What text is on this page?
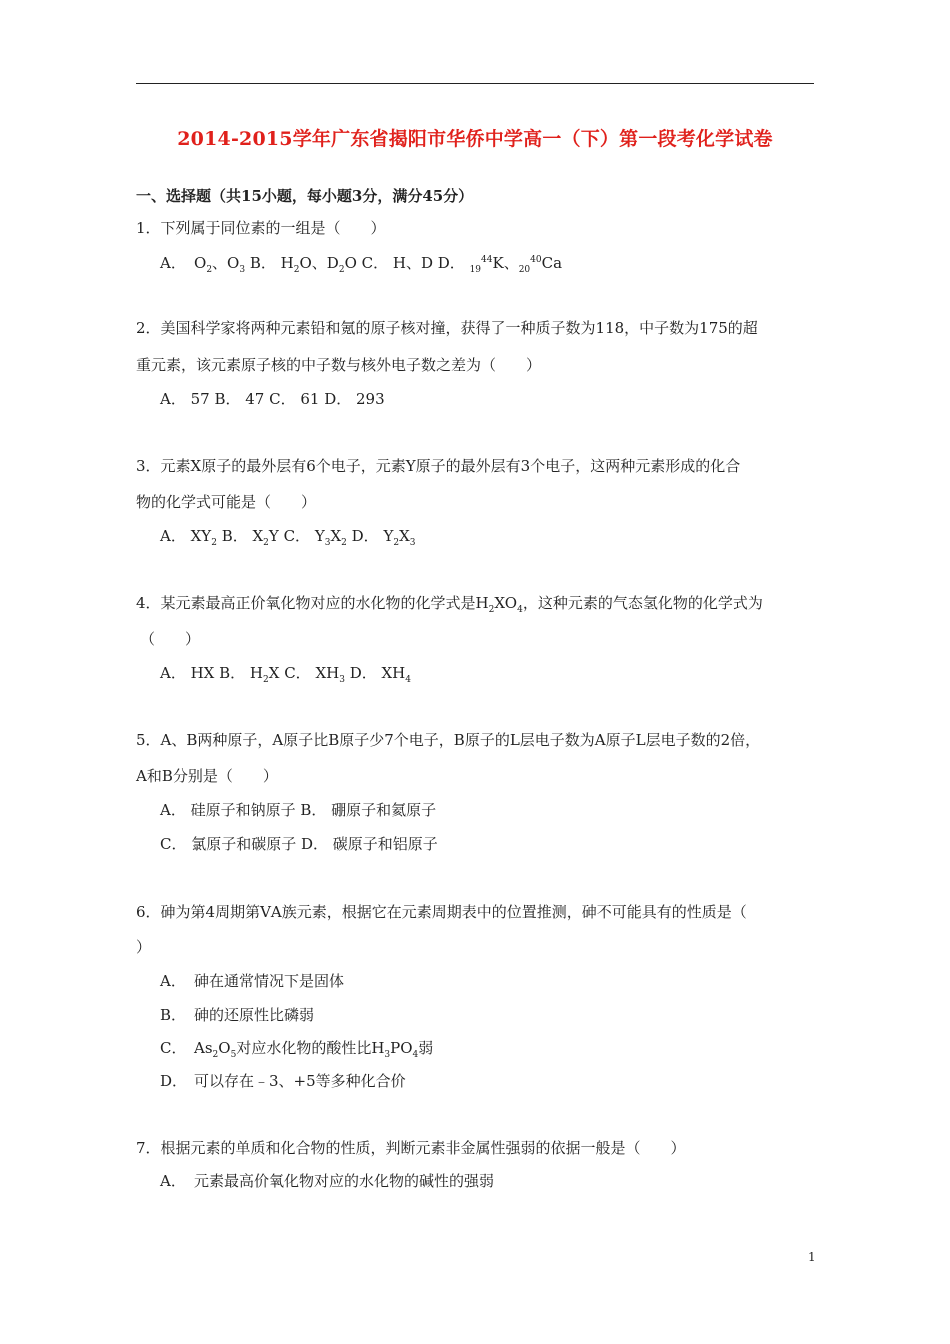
2014-2015学年广东省揭阳市华侨中学高一（下）第一段考化学试卷
一、选择题（共15小题，每小题3分，满分45分）
1．下列属于同位素的一组是（　　）
A． $O_2$、$O_3$ B． $H_2O$、$D_2O$ C． H、D D． $_{19}^{44}$K、$_{20}^{40}$Ca
2．美国科学家将两种元素铅和氪的原子核对撞，获得了一种质子数为118，中子数为175的超
重元素，该元素原子核的中子数与核外电子数之差为（　　）
A． 57 B． 47 C． 61 D． 293
3．元素X原子的最外层有6个电子，元素Y原子的最外层有3个电子，这两种元素形成的化合
物的化学式可能是（　　）
A． $XY_2$ B． $X_2Y$ C． $Y_3X_2$ D． $Y_2X_3$
4．某元素最高正价氧化物对应的水化物的化学式是$H_2XO_4$，这种元素的气态氢化物的化学式为
（　　）
A． HX B． $H_2X$ C． $XH_3$ D． $XH_4$
5．A、B两种原子，A原子比B原子少7个电子，B原子的L层电子数为A原子L层电子数的2倍，
A和B分别是（　　）
A． 硅原子和钠原子 B． 硼原子和氦原子
C． 氯原子和碳原子 D． 碳原子和铝原子
6．砷为第4周期第ⅤA族元素，根据它在元素周期表中的位置推测，砷不可能具有的性质是（
）
A． 砷在通常情况下是固体
B． 砷的还原性比磷弱
C． $As_2O_5$对应水化物的酸性比$H_3PO_4$弱
D． 可以存在﹣3、+5等多种化合价
7．根据元素的单质和化合物的性质，判断元素非金属性强弱的依据一般是（　　）
A． 元素最高价氧化物对应的水化物的碱性的强弱
1
